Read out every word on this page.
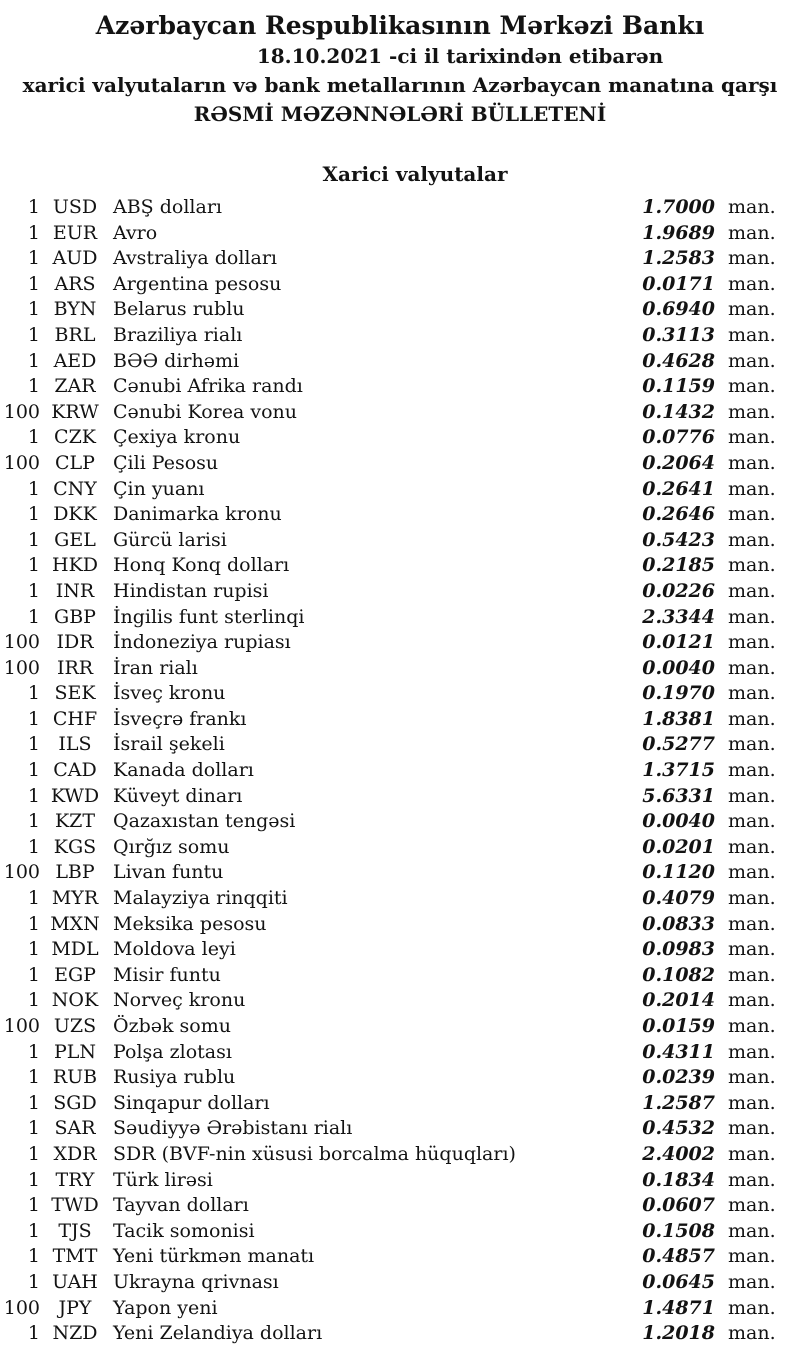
Azərbaycan Respublikasının Mərkəzi Bankı
18.10.2021 -ci il tarixindən etibarən
xarici valyutaların və bank metallarının Azərbaycan manatına qarşı
RƏSMİ MƏZƏNNƏLƏRİ BÜLLETENİ
Xarici valyutalar
1 USD ABŞ dolları	1.7000 man.
1 EUR Avro	1.9689 man.
1 AUD Avstraliya dolları	1.2583 man.
1 ARS Argentina pesosu	0.0171 man.
1 BYN Belarus rublu	0.6940 man.
1 BRL Braziliya rialı	0.3113 man.
1 AED BƏƏ dirhəmi	0.4628 man.
1 ZAR Cənubi Afrika randı	0.1159 man.
100 KRW Cənubi Korea vonu	0.1432 man.
1 CZK Çexiya kronu	0.0776 man.
100 CLP Çili Pesosu	0.2064 man.
1 CNY Çin yuanı	0.2641 man.
1 DKK Danimarka kronu	0.2646 man.
1 GEL Gürcü larisi	0.5423 man.
1 HKD Honq Konq dolları	0.2185 man.
1 INR Hindistan rupisi	0.0226 man.
1 GBP İngilis funt sterlinqi	2.3344 man.
100 IDR	İndoneziya rupiası	0.0121 man.
100 IRR	İran rialı	0.0040 man.
1 SEK İsveç kronu	0.1970 man.
1 CHF İsveçrə frankı	1.8381 man.
1 ILS	İsrail şekeli	0.5277 man.
1 CAD Kanada dolları	1.3715 man.
1 KWD Küveyt dinarı	5.6331 man.
1 KZT Qazaxıstan tengəsi	0.0040 man.
1 KGS Qırğız somu	0.0201 man.
100 LBP Livan funtu	0.1120 man.
1 MYR Malayziya rinqqiti	0.4079 man.
1 MXN Meksika pesosu	0.0833 man.
1 MDL Moldova leyi	0.0983 man.
1 EGP Misir funtu	0.1082 man.
1 NOK Norveç kronu	0.2014 man.
100 UZS Özbək somu	0.0159 man.
1 PLN Polşa zlotası	0.4311 man.
1 RUB Rusiya rublu	0.0239 man.
1 SGD Sinqapur dolları	1.2587 man.
1 SAR Səudiyyə Ərəbistanı rialı	0.4532 man.
1 XDR SDR (BVF-nin xüsusi borcalma hüquqları)	2.4002 man.
1 TRY Türk lirəsi	0.1834 man.
1 TWD Tayvan dolları	0.0607 man.
1 TJS	Tacik somonisi	0.1508 man.
1 TMT Yeni türkmən manatı	0.4857 man.
1 UAH Ukrayna qrivnası	0.0645 man.
100 JPY	Yapon yeni	1.4871 man.
1 NZD Yeni Zelandiya dolları	1.2018 man.
